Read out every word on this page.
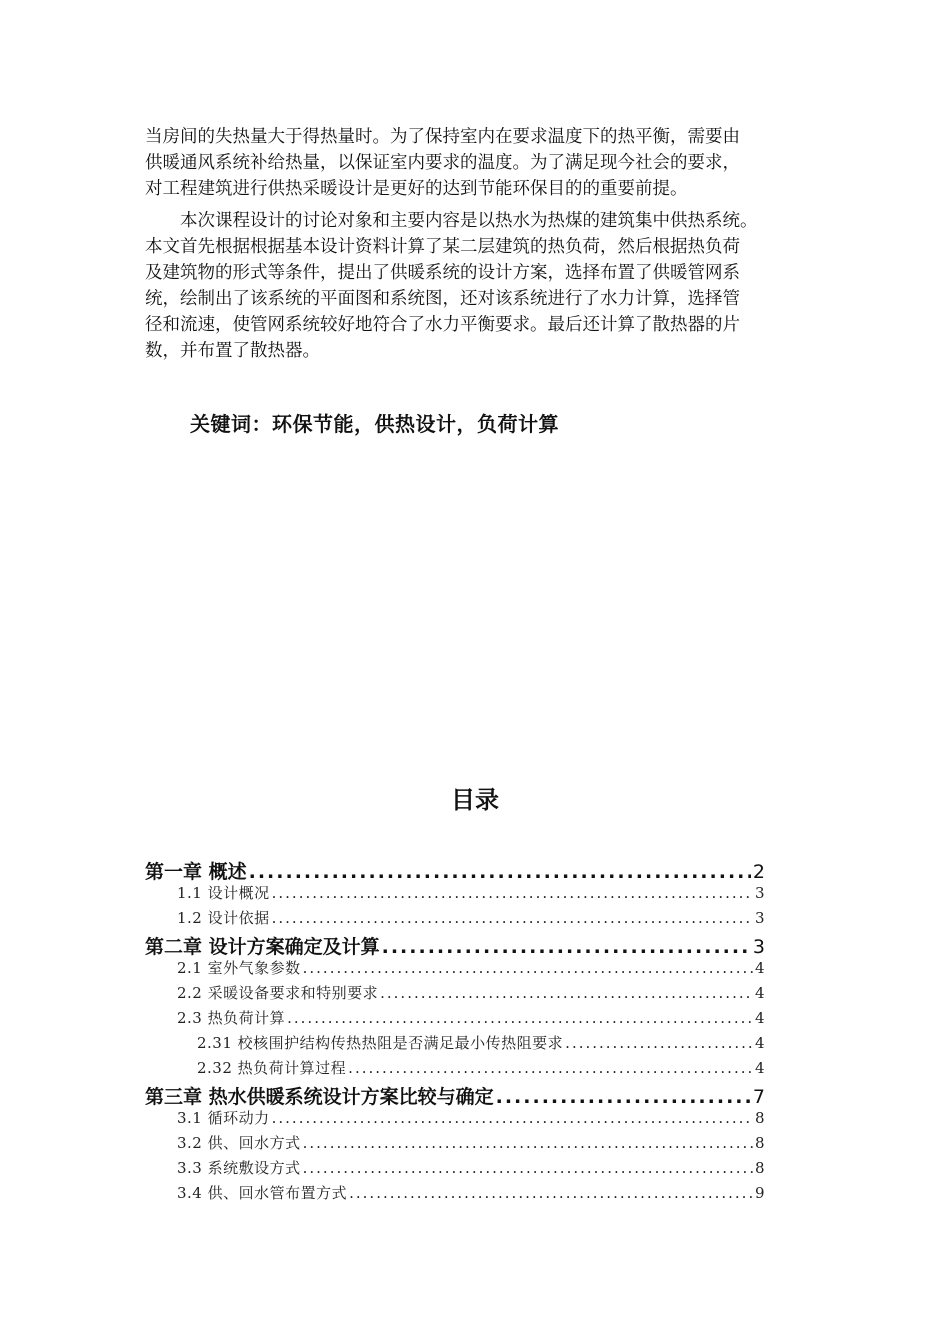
当房间的失热量大于得热量时。为了保持室内在要求温度下的热平衡，需要由
供暖通风系统补给热量，以保证室内要求的温度。为了满足现今社会的要求，
对工程建筑进行供热采暖设计是更好的达到节能环保目的的重要前提。
　　本次课程设计的讨论对象和主要内容是以热水为热煤的建筑集中供热系统。
本文首先根据根据基本设计资料计算了某二层建筑的热负荷，然后根据热负荷
及建筑物的形式等条件，提出了供暖系统的设计方案，选择布置了供暖管网系
统，绘制出了该系统的平面图和系统图，还对该系统进行了水力计算，选择管
径和流速，使管网系统较好地符合了水力平衡要求。最后还计算了散热器的片
数，并布置了散热器。
关键词：环保节能，供热设计，负荷计算
目录
第一章 概述 .....	2
1.1 设计概况 .....	3
1.2 设计依据 .....	3
第二章 设计方案确定及计算 .....	3
2.1 室外气象参数 .....	4
2.2 采暖设备要求和特别要求 .....	4
2.3 热负荷计算 .....	4
2.31 校核围护结构传热热阻是否满足最小传热阻要求 .....	4
2.32 热负荷计算过程 .....	4
第三章 热水供暖系统设计方案比较与确定 .....	7
3.1 循环动力 .....	8
3.2 供、回水方式 .....	8
3.3 系统敷设方式 .....	8
3.4 供、回水管布置方式 .....	9
